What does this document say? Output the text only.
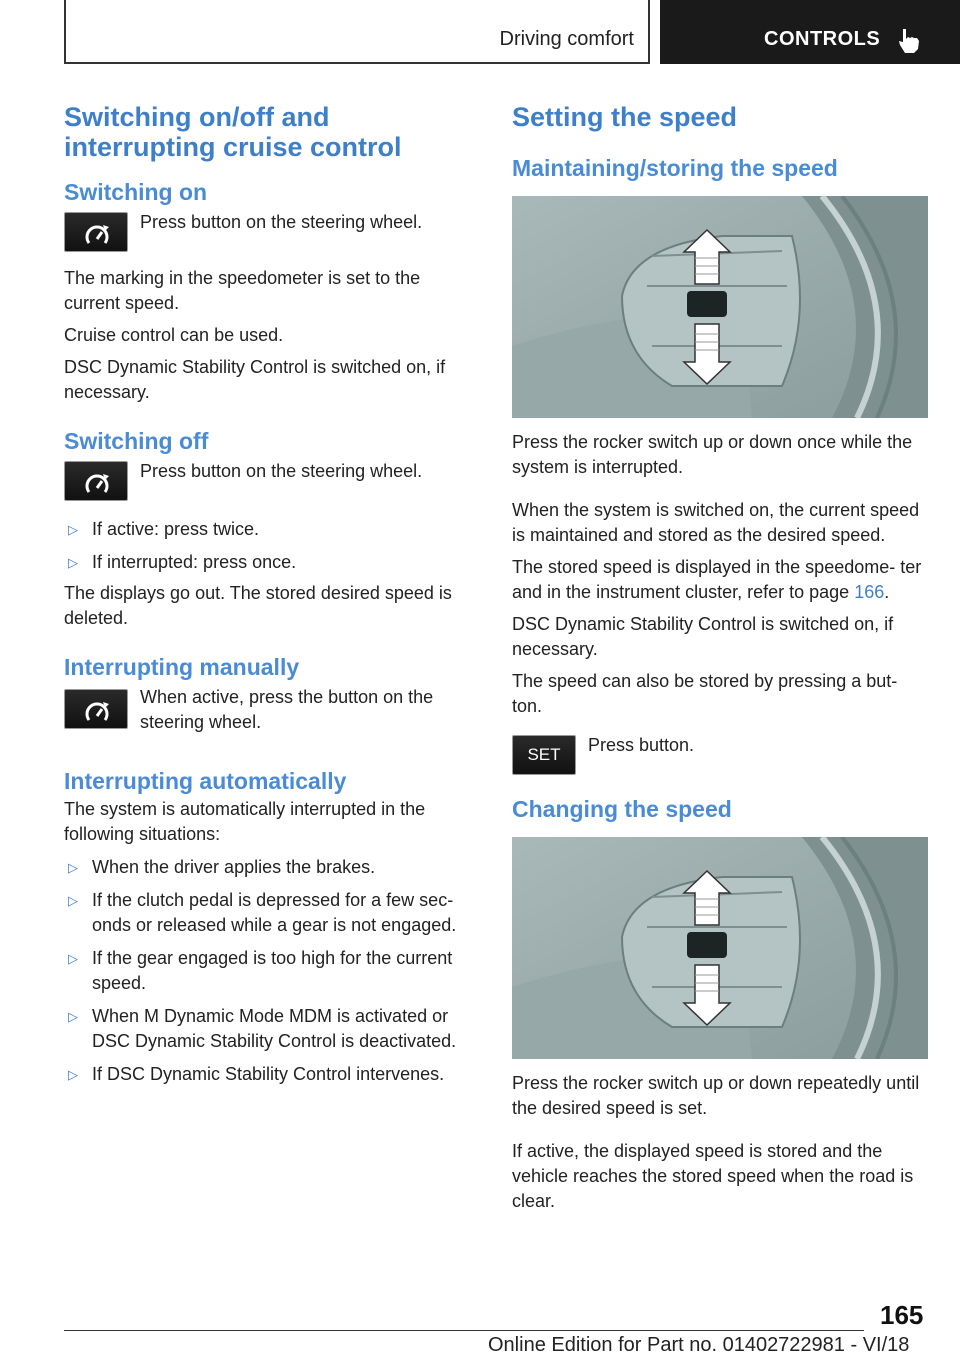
Driving comfort	CONTROLS
Switching on/off and interrupting cruise control
Switching on
Press button on the steering wheel.

The marking in the speedometer is set to the current speed.

Cruise control can be used.

DSC Dynamic Stability Control is switched on, if necessary.

Switching off
Press button on the steering wheel.
▷ If active: press twice.
▷ If interrupted: press once.

The displays go out. The stored desired speed is deleted.

Interrupting manually
When active, press the button on the steering wheel.
Interrupting automatically

The system is automatically interrupted in the following situations:

▷ When the driver applies the brakes.
▷ If the clutch pedal is depressed for a few sec‐ onds or released while a gear is not engaged.
▷ If the gear engaged is too high for the current speed.
▷ When M Dynamic Mode MDM is activated or DSC Dynamic Stability Control is deactivated.
▷ If DSC Dynamic Stability Control intervenes.
Setting the speed
Maintaining/storing the speed

Press the rocker switch up or down once while the system is interrupted.

When the system is switched on, the current speed is maintained and stored as the desired speed.

The stored speed is displayed in the speedome‐ ter and in the instrument cluster, refer to page 166.

DSC Dynamic Stability Control is switched on, if necessary.

The speed can also be stored by pressing a but‐ ton.

SET	Press button.
Changing the speed

Press the rocker switch up or down repeatedly until the desired speed is set.

If active, the displayed speed is stored and the vehicle reaches the stored speed when the road is clear.

165
Online Edition for Part no. 01402722981 - VI/18
